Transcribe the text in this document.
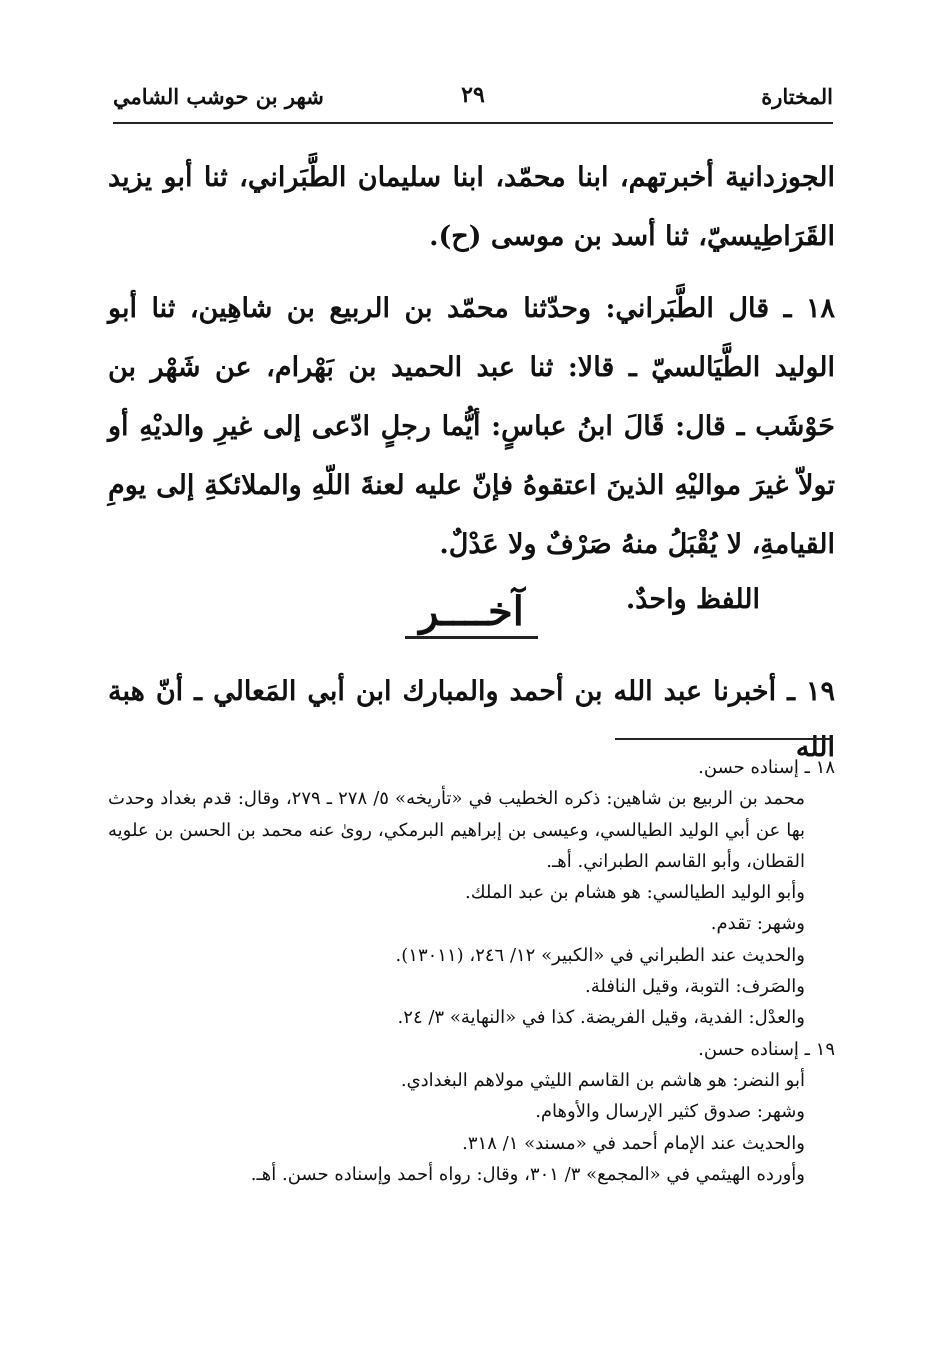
المختارة
٢٩
شهر بن حوشب الشامي

الجوزدانية أخبرتهم، ابنا محمّد، ابنا سليمان الطَّبَراني، ثنا أبو يزيد القَرَاطِيسيّ، ثنا أسد بن موسى (ح).

١٨ ـ قال الطَّبَراني: وحدّثنا محمّد بن الربيع بن شاهِين، ثنا أبو الوليد الطَّيَالسيّ ـ قالا: ثنا عبد الحميد بن بَهْرام، عن شَهْر بن حَوْشَب ـ قال: قَالَ ابنُ عباسٍ: أيُّما رجلٍ ادّعى إلى غيرِ والديْهِ أو تولاّ غيرَ مواليْهِ الذينَ اعتقوهُ فإنّ عليه لعنةَ اللّهِ والملائكةِ إلى يومِ القيامةِ، لا يُقْبَلُ منهُ صَرْفٌ ولا عَدْلٌ.

اللفظ واحدٌ.

آخــــر
١٩ ـ أخبرنا عبد الله بن أحمد والمبارك ابن أبي المَعالي ـ أنّ هبة الله

١٨ ـ إسناده حسن.

محمد بن الربيع بن شاهين: ذكره الخطيب في «تأريخه» ٥/ ٢٧٨ ـ ٢٧٩، وقال: قدم بغداد وحدث بها عن أبي الوليد الطيالسي، وعيسى بن إبراهيم البرمكي، روىٰ عنه محمد بن الحسن بن علويه القطان، وأبو القاسم الطبراني. أهـ.

وأبو الوليد الطيالسي: هو هشام بن عبد الملك.

وشهر: تقدم.

والحديث عند الطبراني في «الكبير» ١٢/ ٢٤٦، (١٣٠١١).

والصَرف: التوبة، وقيل النافلة.

والعدْل: الفدية، وقيل الفريضة. كذا في «النهاية» ٣/ ٢٤.

١٩ ـ إسناده حسن.

أبو النضر: هو هاشم بن القاسم الليثي مولاهم البغدادي.

وشهر: صدوق كثير الإرسال والأوهام.

والحديث عند الإمام أحمد في «مسند» ١/ ٣١٨.

وأورده الهيثمي في «المجمع» ٣/ ٣٠١، وقال: رواه أحمد وإسناده حسن. أهـ.
